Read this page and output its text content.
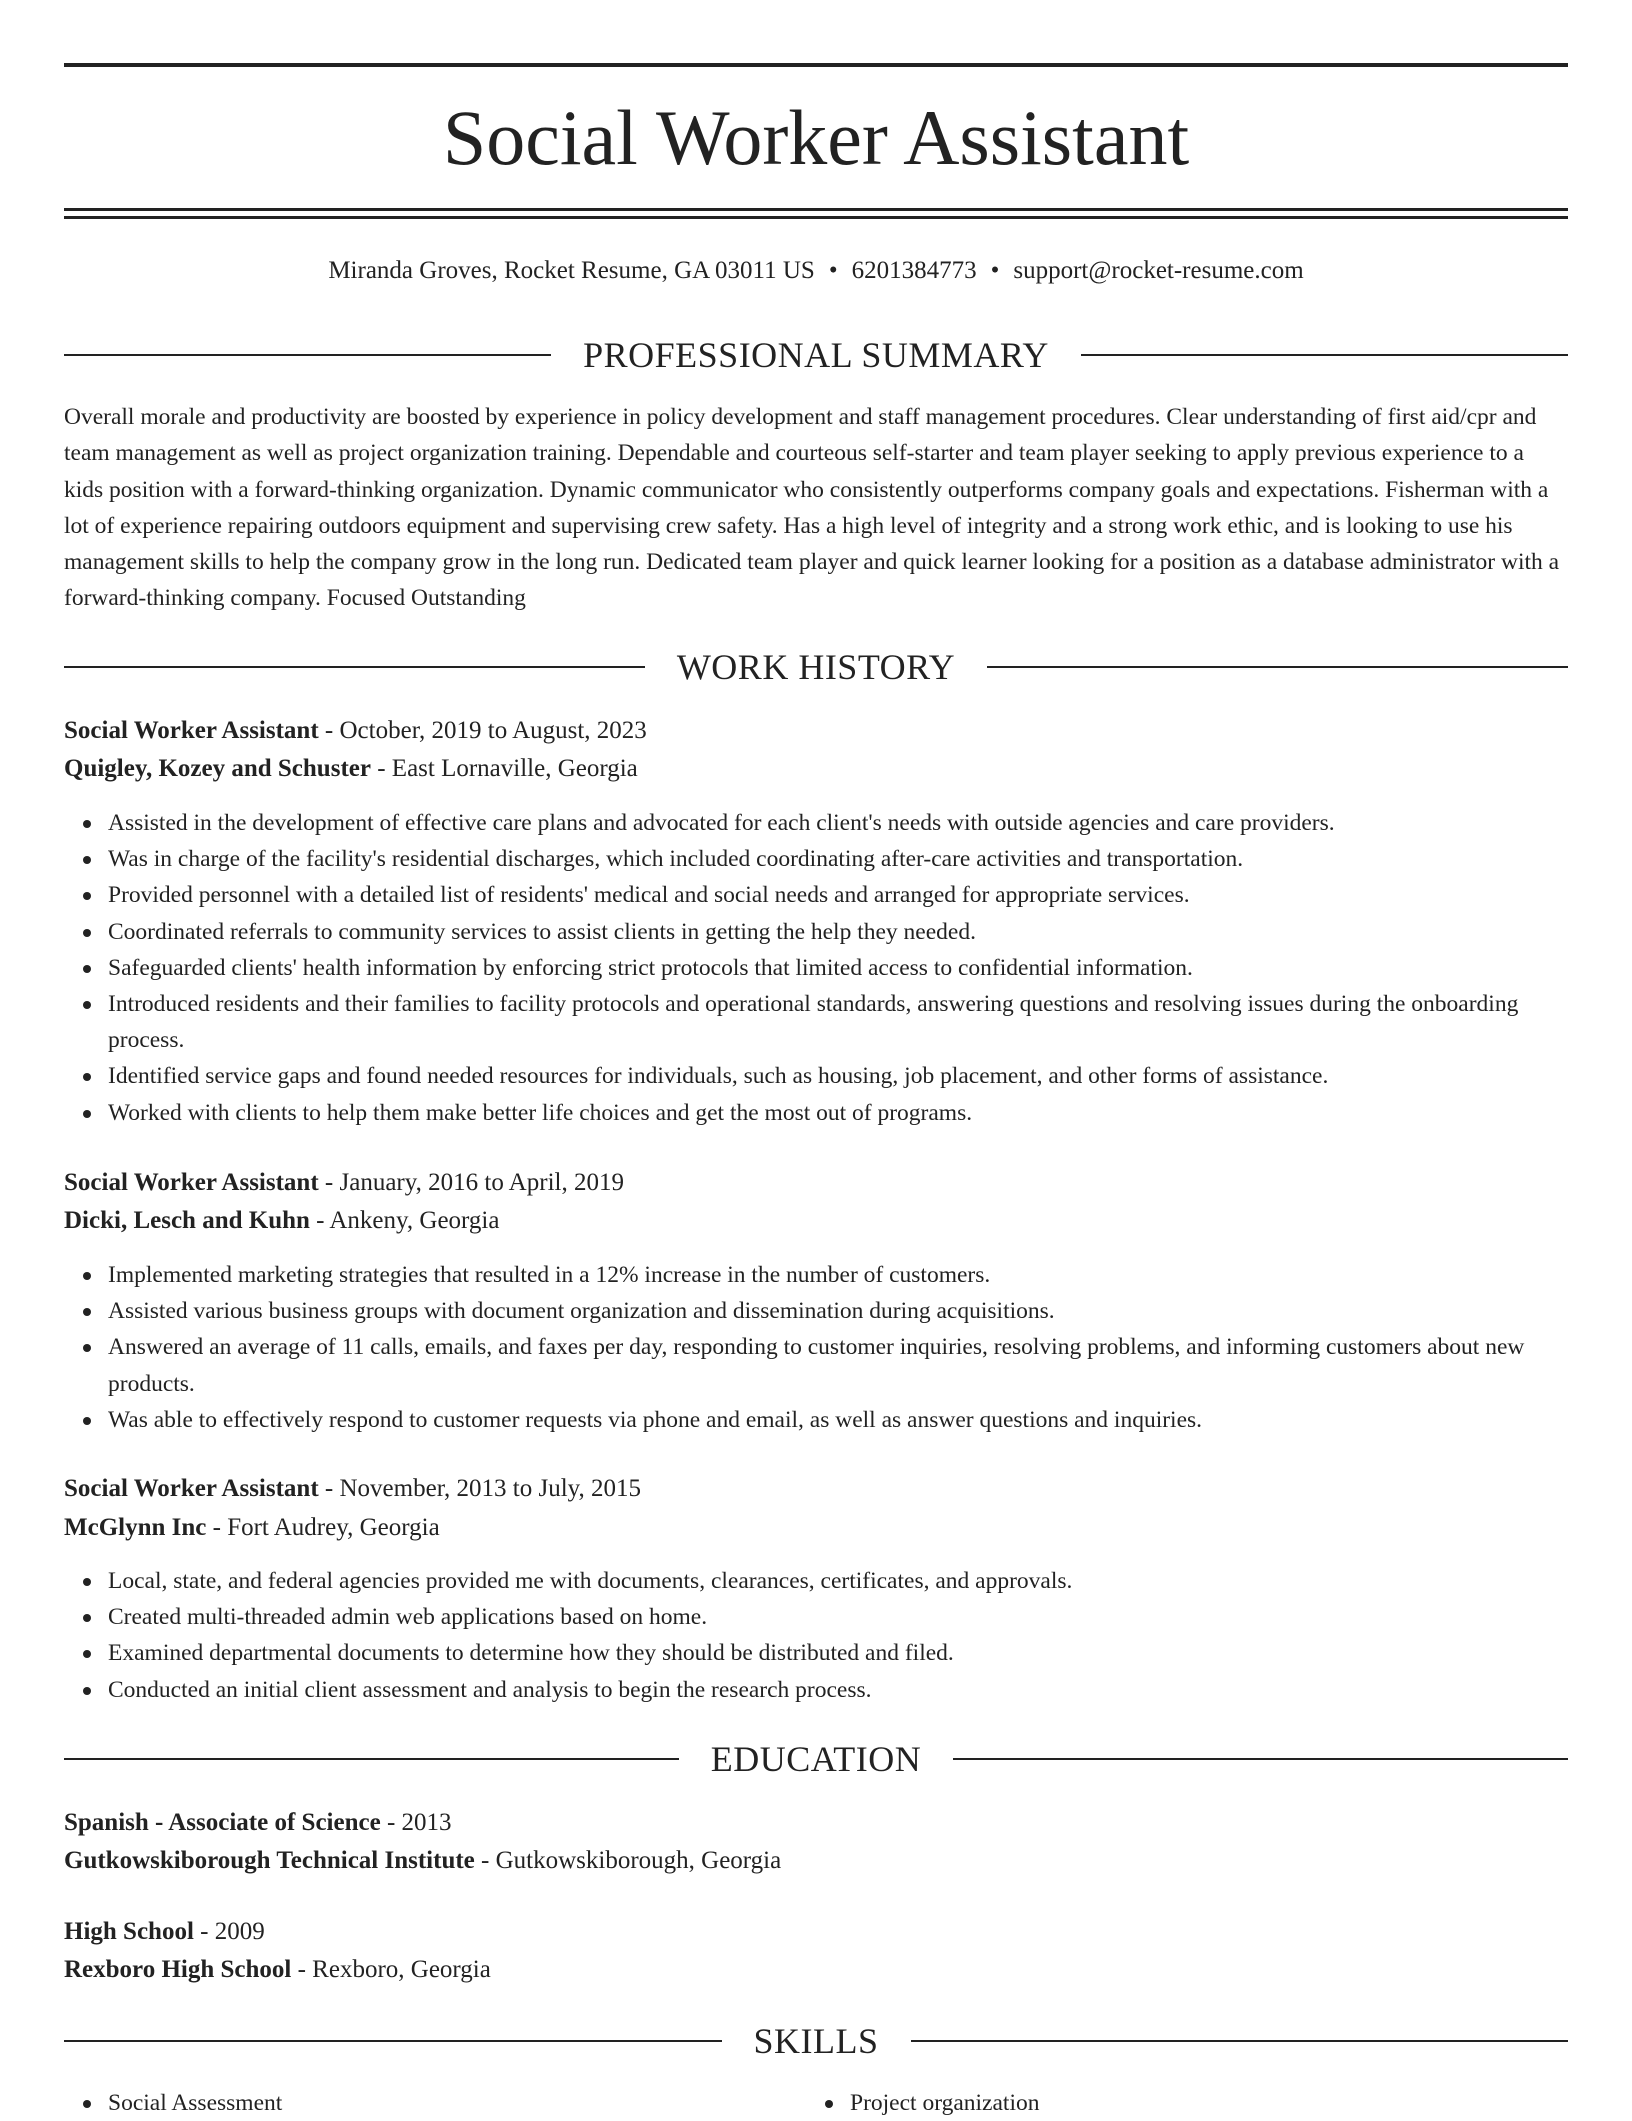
Social Worker Assistant
Miranda Groves, Rocket Resume, GA 03011 US • 6201384773 • support@rocket-resume.com
PROFESSIONAL SUMMARY

Overall morale and productivity are boosted by experience in policy development and staff management procedures. Clear understanding of first aid/cpr and team management as well as project organization training. Dependable and courteous self-starter and team player seeking to apply previous experience to a kids position with a forward-thinking organization. Dynamic communicator who consistently outperforms company goals and expectations. Fisherman with a lot of experience repairing outdoors equipment and supervising crew safety. Has a high level of integrity and a strong work ethic, and is looking to use his management skills to help the company grow in the long run. Dedicated team player and quick learner looking for a position as a database administrator with a forward-thinking company. Focused Outstanding

WORK HISTORY
Social Worker Assistant - October, 2019 to August, 2023
Quigley, Kozey and Schuster - East Lornaville, Georgia
Assisted in the development of effective care plans and advocated for each client's needs with outside agencies and care providers.
Was in charge of the facility's residential discharges, which included coordinating after-care activities and transportation.
Provided personnel with a detailed list of residents' medical and social needs and arranged for appropriate services.
Coordinated referrals to community services to assist clients in getting the help they needed.
Safeguarded clients' health information by enforcing strict protocols that limited access to confidential information.
Introduced residents and their families to facility protocols and operational standards, answering questions and resolving issues during the onboarding process.
Identified service gaps and found needed resources for individuals, such as housing, job placement, and other forms of assistance.
Worked with clients to help them make better life choices and get the most out of programs.
Social Worker Assistant - January, 2016 to April, 2019
Dicki, Lesch and Kuhn - Ankeny, Georgia
Implemented marketing strategies that resulted in a 12% increase in the number of customers.
Assisted various business groups with document organization and dissemination during acquisitions.
Answered an average of 11 calls, emails, and faxes per day, responding to customer inquiries, resolving problems, and informing customers about new products.
Was able to effectively respond to customer requests via phone and email, as well as answer questions and inquiries.
Social Worker Assistant - November, 2013 to July, 2015
McGlynn Inc - Fort Audrey, Georgia
Local, state, and federal agencies provided me with documents, clearances, certificates, and approvals.
Created multi-threaded admin web applications based on home.
Examined departmental documents to determine how they should be distributed and filed.
Conducted an initial client assessment and analysis to begin the research process.
EDUCATION
Spanish - Associate of Science - 2013
Gutkowskiborough Technical Institute - Gutkowskiborough, Georgia
High School - 2009
Rexboro High School - Rexboro, Georgia
SKILLS
Social Assessment	Project organization
